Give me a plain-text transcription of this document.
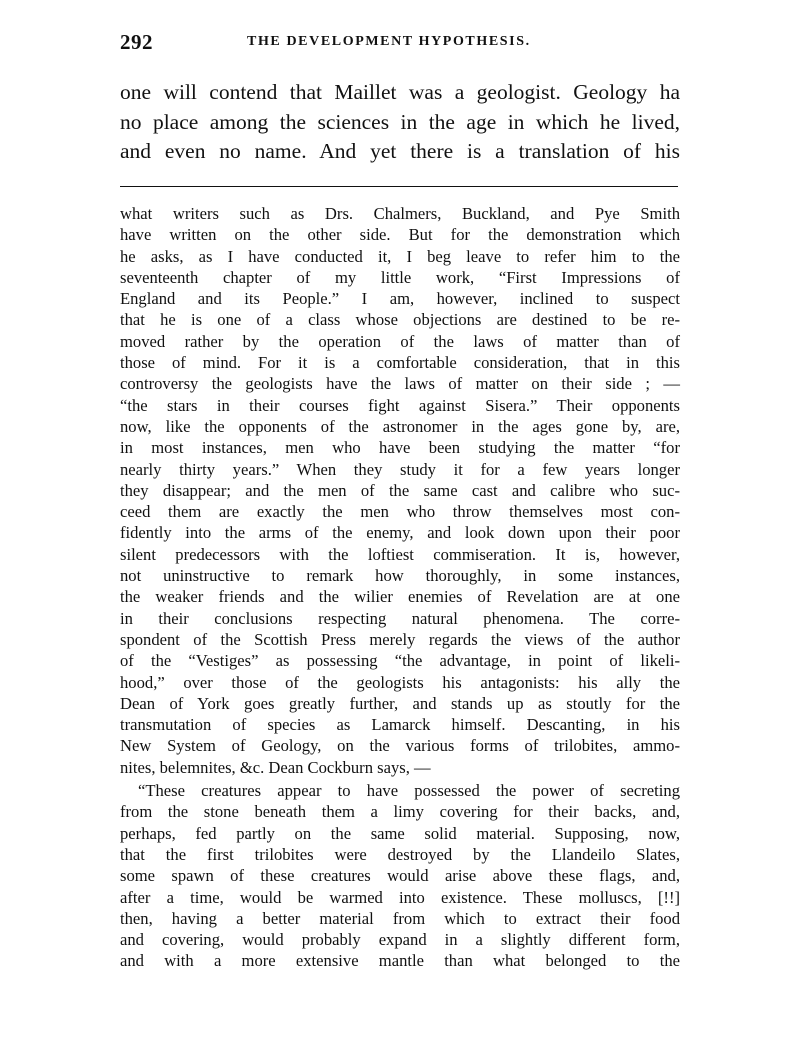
292	THE DEVELOPMENT HYPOTHESIS.
one will contend that Maillet was a geologist. Geology ha
no place among the sciences in the age in which he lived,
and even no name. And yet there is a translation of his
what writers such as Drs. Chalmers, Buckland, and Pye Smith
have written on the other side. But for the demonstration which
he asks, as I have conducted it, I beg leave to refer him to the
seventeenth chapter of my little work, “First Impressions of
England and its People.” I am, however, inclined to suspect
that he is one of a class whose objections are destined to be re-
moved rather by the operation of the laws of matter than of
those of mind. For it is a comfortable consideration, that in this
controversy the geologists have the laws of matter on their side ; —
“the stars in their courses fight against Sisera.” Their opponents
now, like the opponents of the astronomer in the ages gone by, are,
in most instances, men who have been studying the matter “for
nearly thirty years.” When they study it for a few years longer
they disappear; and the men of the same cast and calibre who suc-
ceed them are exactly the men who throw themselves most con-
fidently into the arms of the enemy, and look down upon their poor
silent predecessors with the loftiest commiseration. It is, however,
not uninstructive to remark how thoroughly, in some instances,
the weaker friends and the wilier enemies of Revelation are at one
in their conclusions respecting natural phenomena. The corre-
spondent of the Scottish Press merely regards the views of the author
of the “Vestiges” as possessing “the advantage, in point of likeli-
hood,” over those of the geologists his antagonists: his ally the
Dean of York goes greatly further, and stands up as stoutly for the
transmutation of species as Lamarck himself. Descanting, in his
New System of Geology, on the various forms of trilobites, ammo-
nites, belemnites, &c. Dean Cockburn says, —
“These creatures appear to have possessed the power of secreting
from the stone beneath them a limy covering for their backs, and,
perhaps, fed partly on the same solid material. Supposing, now,
that the first trilobites were destroyed by the Llandeilo Slates,
some spawn of these creatures would arise above these flags, and,
after a time, would be warmed into existence. These molluscs, [!!]
then, having a better material from which to extract their food
and covering, would probably expand in a slightly different form,
and with a more extensive mantle than what belonged to the
